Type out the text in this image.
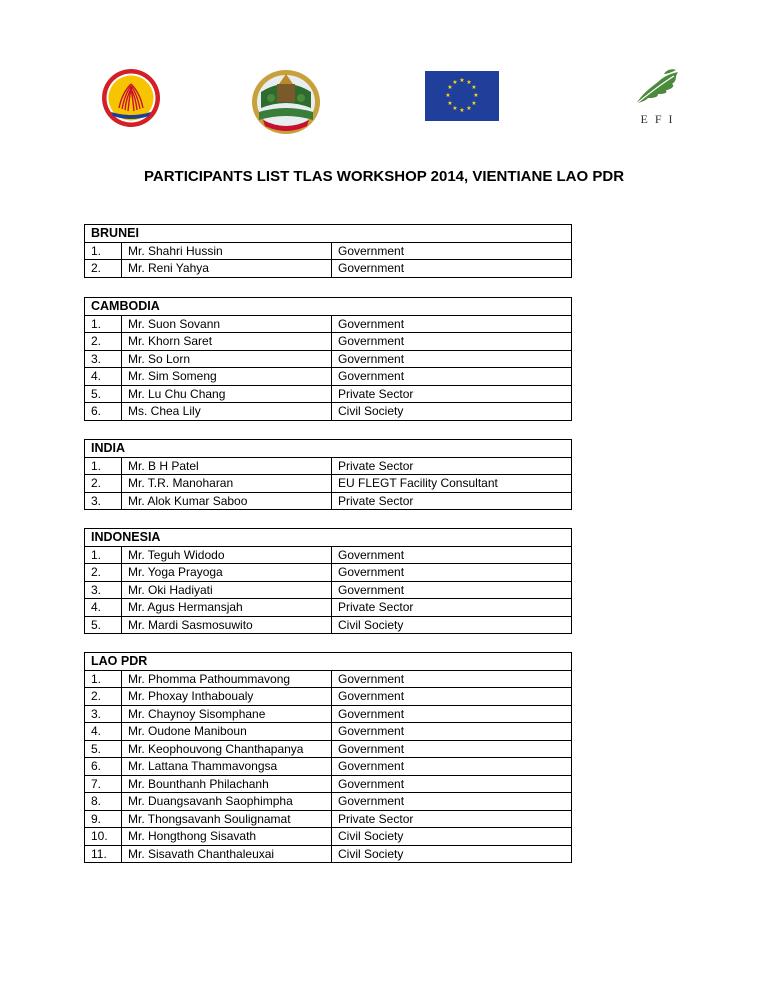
★ ★
★
★
★
★
★
★
★
★
★
★
EFI
PARTICIPANTS LIST TLAS WORKSHOP 2014, VIENTIANE LAO PDR
BRUNEI		
1.	Mr. Shahri Hussin	Government
2.	Mr. Reni Yahya	Government
CAMBODIA		
1.	Mr. Suon Sovann	Government
2.	Mr. Khorn Saret	Government
3.	Mr. So Lorn	Government
4.	Mr. Sim Someng	Government
5.	Mr. Lu Chu Chang	Private Sector
6.	Ms. Chea Lily	Civil Society
INDIA		
1.	Mr. B H Patel	Private Sector
2.	Mr. T.R. Manoharan	EU FLEGT Facility Consultant
3.	Mr. Alok Kumar Saboo	Private Sector
INDONESIA		
1.	Mr. Teguh Widodo	Government
2.	Mr. Yoga Prayoga	Government
3.	Mr. Oki Hadiyati	Government
4.	Mr. Agus Hermansjah	Private Sector
5.	Mr. Mardi Sasmosuwito	Civil Society
LAO PDR		
1.	Mr. Phomma Pathoummavong	Government
2.	Mr. Phoxay Inthaboualy	Government
3.	Mr. Chaynoy Sisomphane	Government
4.	Mr. Oudone Maniboun	Government
5.	Mr. Keophouvong Chanthapanya	Government
6.	Mr. Lattana Thammavongsa	Government
7.	Mr. Bounthanh Philachanh	Government
8.	Mr. Duangsavanh Saophimpha	Government
9.	Mr. Thongsavanh Soulignamat	Private Sector
10.	Mr. Hongthong Sisavath	Civil Society
11.	Mr. Sisavath Chanthaleuxai	Civil Society
